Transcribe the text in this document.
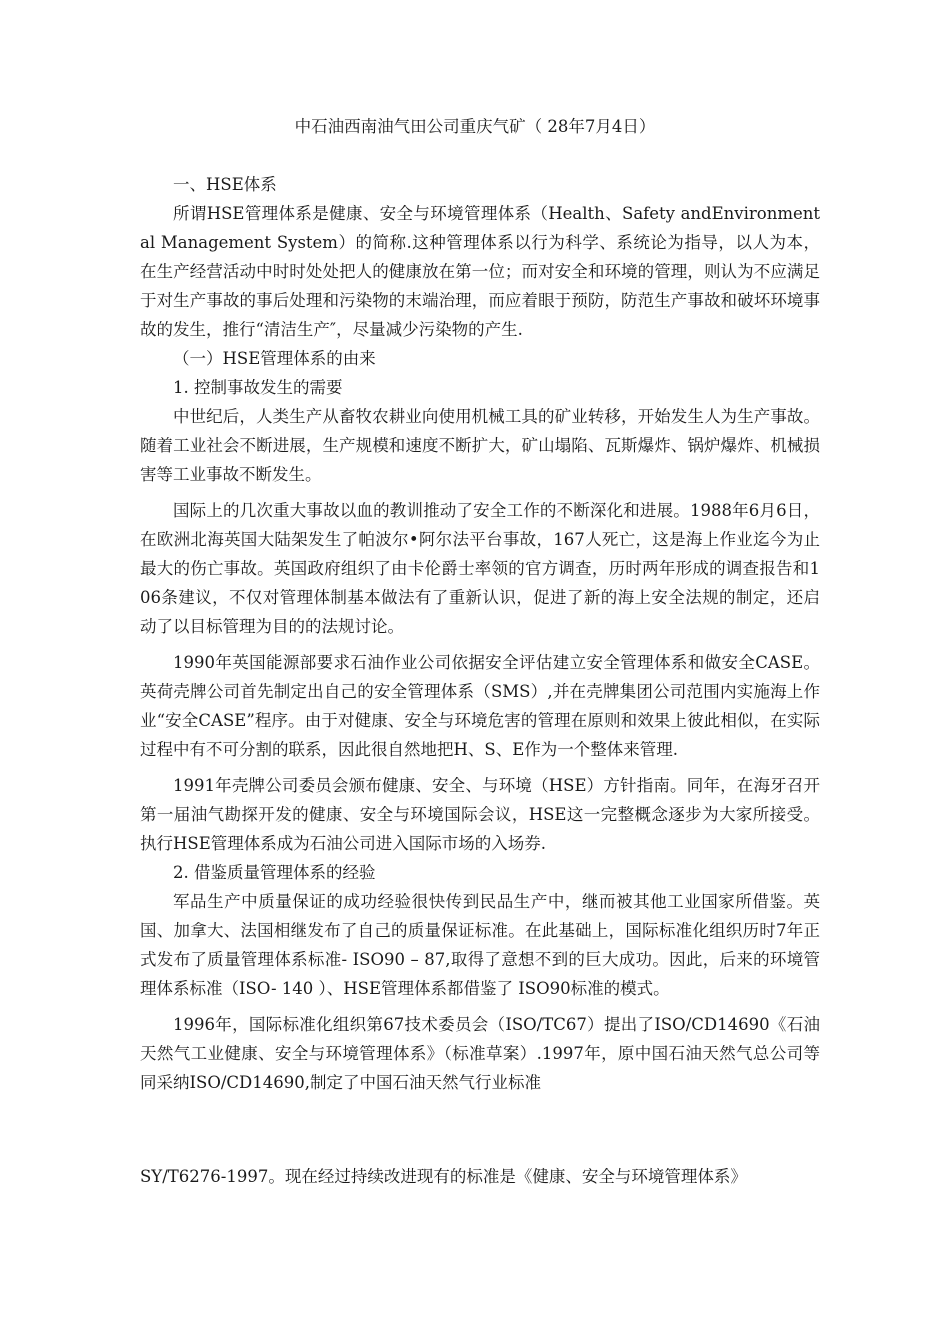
中石油西南油气田公司重庆气矿（ 28年7月4日）

一、HSE体系

所谓HSE管理体系是健康、安全与环境管理体系（Health、Safety andEnvironmental Management System）的简称.这种管理体系以行为科学、系统论为指导，以人为本，在生产经营活动中时时处处把人的健康放在第一位；而对安全和环境的管理，则认为不应满足于对生产事故的事后处理和污染物的末端治理，而应着眼于预防，防范生产事故和破坏环境事故的发生，推行“清洁生产″，尽量减少污染物的产生.

（一）HSE管理体系的由来

1. 控制事故发生的需要

中世纪后，人类生产从畜牧农耕业向使用机械工具的矿业转移，开始发生人为生产事故。随着工业社会不断进展，生产规模和速度不断扩大，矿山塌陷、瓦斯爆炸、锅炉爆炸、机械损害等工业事故不断发生。

国际上的几次重大事故以血的教训推动了安全工作的不断深化和进展。1988年6月6日，在欧洲北海英国大陆架发生了帕波尔•阿尔法平台事故，167人死亡，这是海上作业迄今为止最大的伤亡事故。英国政府组织了由卡伦爵士率领的官方调查，历时两年形成的调查报告和106条建议，不仅对管理体制基本做法有了重新认识，促进了新的海上安全法规的制定，还启动了以目标管理为目的的法规讨论。

1990年英国能源部要求石油作业公司依据安全评估建立安全管理体系和做安全CASE。英荷壳牌公司首先制定出自己的安全管理体系（SMS）,并在壳牌集团公司范围内实施海上作业“安全CASE”程序。由于对健康、安全与环境危害的管理在原则和效果上彼此相似，在实际过程中有不可分割的联系，因此很自然地把H、S、E作为一个整体来管理.

1991年壳牌公司委员会颁布健康、安全、与环境（HSE）方针指南。同年，在海牙召开第一届油气勘探开发的健康、安全与环境国际会议，HSE这一完整概念逐步为大家所接受。执行HSE管理体系成为石油公司进入国际市场的入场券.

2. 借鉴质量管理体系的经验

军品生产中质量保证的成功经验很快传到民品生产中，继而被其他工业国家所借鉴。英国、加拿大、法国相继发布了自己的质量保证标准。在此基础上，国际标准化组织历时7年正式发布了质量管理体系标准- ISO90 – 87,取得了意想不到的巨大成功。因此，后来的环境管理体系标准（ISO- 140 ）、HSE管理体系都借鉴了 ISO90标准的模式。

1996年，国际标准化组织第67技术委员会（ISO/TC67）提出了ISO/CD14690《石油天然气工业健康、安全与环境管理体系》（标准草案）.1997年，原中国石油天然气总公司等同采纳ISO/CD14690,制定了中国石油天然气行业标准

SY/T6276-1997。现在经过持续改进现有的标准是《健康、安全与环境管理体系》
